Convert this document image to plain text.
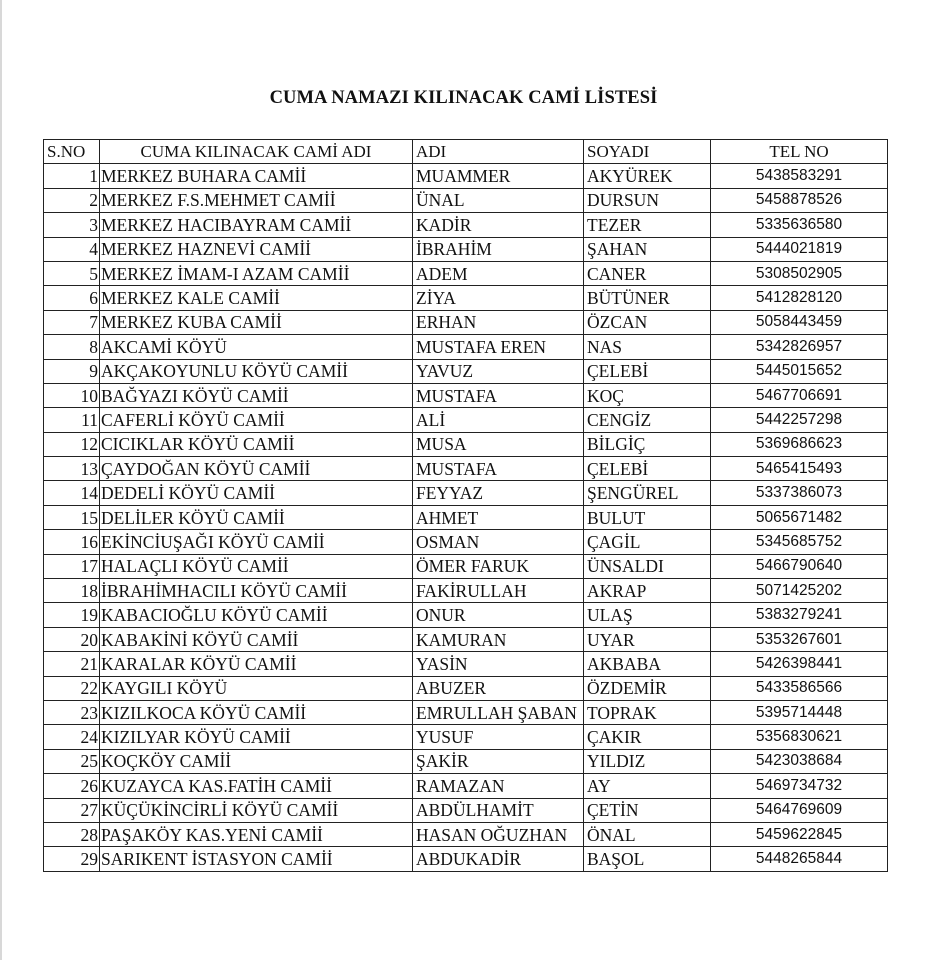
CUMA NAMAZI KILINACAK CAMİ LİSTESİ
S.NO	CUMA KILINACAK CAMİ ADI	ADI	SOYADI	TEL NO
1	MERKEZ BUHARA CAMİİ	MUAMMER	AKYÜREK	5438583291
2	MERKEZ F.S.MEHMET CAMİİ	ÜNAL	DURSUN	5458878526
3	MERKEZ HACIBAYRAM CAMİİ	KADİR	TEZER	5335636580
4	MERKEZ HAZNEVİ CAMİİ	İBRAHİM	ŞAHAN	5444021819
5	MERKEZ İMAM-I AZAM CAMİİ	ADEM	CANER	5308502905
6	MERKEZ KALE CAMİİ	ZİYA	BÜTÜNER	5412828120
7	MERKEZ KUBA CAMİİ	ERHAN	ÖZCAN	5058443459
8	AKCAMİ KÖYÜ	MUSTAFA EREN	NAS	5342826957
9	AKÇAKOYUNLU KÖYÜ CAMİİ	YAVUZ	ÇELEBİ	5445015652
10	BAĞYAZI KÖYÜ CAMİİ	MUSTAFA	KOÇ	5467706691
11	CAFERLİ KÖYÜ CAMİİ	ALİ	CENGİZ	5442257298
12	CICIKLAR KÖYÜ CAMİİ	MUSA	BİLGİÇ	5369686623
13	ÇAYDOĞAN KÖYÜ CAMİİ	MUSTAFA	ÇELEBİ	5465415493
14	DEDELİ KÖYÜ CAMİİ	FEYYAZ	ŞENGÜREL	5337386073
15	DELİLER KÖYÜ CAMİİ	AHMET	BULUT	5065671482
16	EKİNCİUŞAĞI KÖYÜ CAMİİ	OSMAN	ÇAGİL	5345685752
17	HALAÇLI KÖYÜ CAMİİ	ÖMER FARUK	ÜNSALDI	5466790640
18	İBRAHİMHACILI KÖYÜ CAMİİ	FAKİRULLAH	AKRAP	5071425202
19	KABACIOĞLU KÖYÜ CAMİİ	ONUR	ULAŞ	5383279241
20	KABAKİNİ KÖYÜ CAMİİ	KAMURAN	UYAR	5353267601
21	KARALAR KÖYÜ CAMİİ	YASİN	AKBABA	5426398441
22	KAYGILI KÖYÜ	ABUZER	ÖZDEMİR	5433586566
23	KIZILKOCA KÖYÜ CAMİİ	EMRULLAH ŞABAN	TOPRAK	5395714448
24	KIZILYAR KÖYÜ CAMİİ	YUSUF	ÇAKIR	5356830621
25	KOÇKÖY CAMİİ	ŞAKİR	YILDIZ	5423038684
26	KUZAYCA KAS.FATİH CAMİİ	RAMAZAN	AY	5469734732
27	KÜÇÜKİNCİRLİ KÖYÜ CAMİİ	ABDÜLHAMİT	ÇETİN	5464769609
28	PAŞAKÖY KAS.YENİ CAMİİ	HASAN OĞUZHAN	ÖNAL	5459622845
29	SARIKENT İSTASYON CAMİİ	ABDUKADİR	BAŞOL	5448265844
